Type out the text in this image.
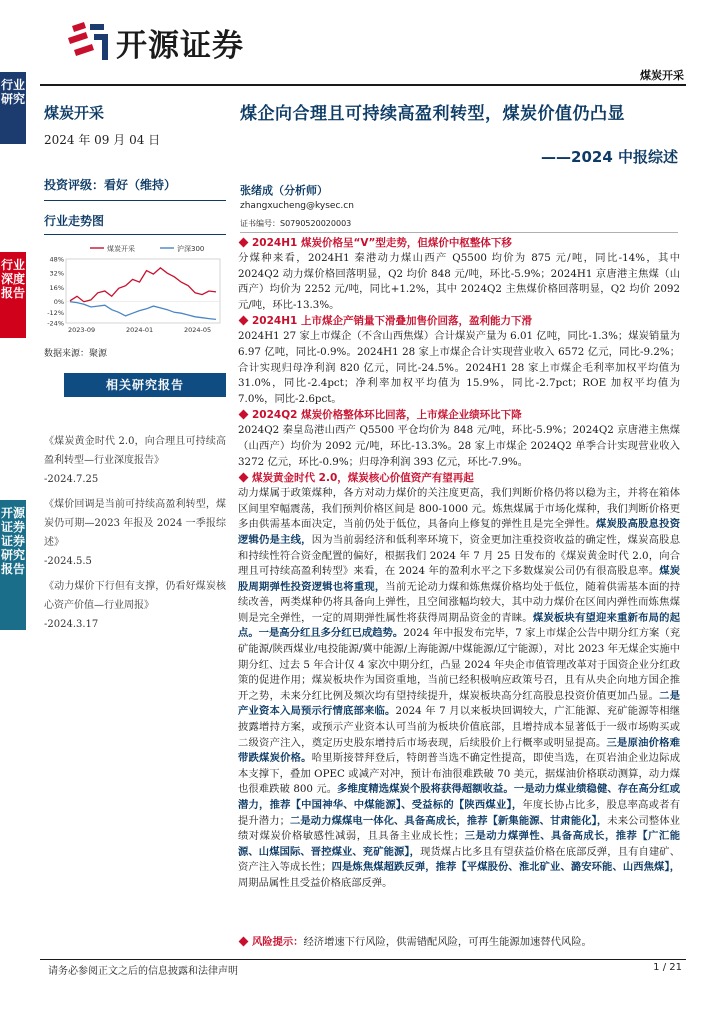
行业研究
行业深度报告
开源证券 证券研究报告
开源证券
煤炭开采
煤炭开采
2024 年 09 月 04 日
投资评级：看好（维持）
行业走势图
煤炭开采	沪深300
48%
32%
16%
0%
-12%
-24%
2023-09	2024-01	2024-05
数据来源：聚源
相关研究报告
《煤炭黄金时代 2.0，向合理且可持续高盈利转型—行业深度报告》
-2024.7.25
《煤价回调是当前可持续高盈利转型，煤炭仍可期—2023 年报及 2024 一季报综述》
-2024.5.5
《动力煤价下行但有支撑，仍看好煤炭核心资产价值—行业周报》
-2024.3.17
煤企向合理且可持续高盈利转型，煤炭价值仍凸显
——2024 中报综述
张绪成（分析师）
zhangxucheng@kysec.cn
证书编号：S0790520020003
2024H1 煤炭价格呈“V”型走势，但煤价中枢整体下移

分煤种来看，2024H1 秦港动力煤山西产 Q5500 均价为 875 元/吨，同比-14%，其中 2024Q2 动力煤价格回落明显，Q2 均价 848 元/吨，环比-5.9%；2024H1 京唐港主焦煤（山西产）均价为 2252 元/吨，同比+1.2%，其中 2024Q2 主焦煤价格回落明显，Q2 均价 2092 元/吨，环比-13.3%。

2024H1 上市煤企产销量下滑叠加售价回落，盈利能力下滑

2024H1 27 家上市煤企（不含山西焦煤）合计煤炭产量为 6.01 亿吨，同比-1.3%；煤炭销量为 6.97 亿吨，同比-0.9%。2024H1 28 家上市煤企合计实现营业收入 6572 亿元，同比-9.2%；合计实现归母净利润 820 亿元，同比-24.5%。2024H1 28 家上市煤企毛利率加权平均值为 31.0%，同比-2.4pct；净利率加权平均值为 15.9%，同比-2.7pct；ROE 加权平均值为 7.0%，同比-2.6pct。

2024Q2 煤炭价格整体环比回落，上市煤企业绩环比下降

2024Q2 秦皇岛港山西产 Q5500 平仓均价为 848 元/吨，环比-5.9%；2024Q2 京唐港主焦煤（山西产）均价为 2092 元/吨，环比-13.3%。28 家上市煤企 2024Q2 单季合计实现营业收入 3272 亿元，环比-0.9%；归母净利润 393 亿元，环比-7.9%。

煤炭黄金时代 2.0，煤炭核心价值资产有望再起

动力煤属于政策煤种，各方对动力煤价的关注度更高，我们判断价格仍将以稳为主，并将在箱体区间里窄幅震荡，我们预判价格区间是 800-1000 元。炼焦煤属于市场化煤种，我们判断价格更多由供需基本面决定，当前仍处于低位，具备向上修复的弹性且是完全弹性。煤炭股高股息投资逻辑仍是主线，因为当前弱经济和低利率环境下，资金更加注重投资收益的确定性，煤炭高股息和持续性符合资金配置的偏好，根据我们 2024 年 7 月 25 日发布的《煤炭黄金时代 2.0，向合理且可持续高盈利转型》来看，在 2024 年的盈利水平之下多数煤炭公司仍有很高股息率。煤炭股周期弹性投资逻辑也将重现，当前无论动力煤和炼焦煤价格均处于低位，随着供需基本面的持续改善，两类煤种仍将具备向上弹性，且空间涨幅均较大，其中动力煤价在区间内弹性而炼焦煤则是完全弹性，一定的周期弹性属性将获得周期品资金的青睐。煤炭板块有望迎来重新布局的起点。一是高分红且多分红已成趋势。2024 年中报发布完毕，7 家上市煤企公告中期分红方案（兖矿能源/陕西煤业/电投能源/冀中能源/上海能源/中煤能源/辽宁能源），对比 2023 年无煤企实施中期分红、过去 5 年合计仅 4 家次中期分红，凸显 2024 年央企市值管理改革对于国资企业分红政策的促进作用；煤炭板块作为国资重地，当前已经积极响应政策号召，且有从央企向地方国企推开之势，未来分红比例及频次均有望持续提升，煤炭板块高分红高股息投资价值更加凸显。二是产业资本入局预示行情底部来临。2024 年 7 月以来板块回调较大，广汇能源、兖矿能源等相继披露增持方案，或预示产业资本认可当前为板块价值底部，且增持成本显著低于一级市场购买或二级资产注入，奠定历史股东增持后市场表现，后续股价上行概率或明显提高。三是原油价格难带跌煤炭价格。哈里斯接替拜登后，特朗普当选不确定性提高，即使当选，在页岩油企业边际成本支撑下，叠加 OPEC 或减产对冲，预计布油很难跌破 70 美元，据煤油价格联动测算，动力煤也很难跌破 800 元。多维度精选煤炭个股将获得超额收益。一是动力煤业绩稳健、存在高分红或潜力，推荐【中国神华、中煤能源】、受益标的【陕西煤业】，年度长协占比多，股息率高或者有提升潜力；二是动力煤煤电一体化、具备高成长，推荐【新集能源、甘肃能化】，未来公司整体业绩对煤炭价格敏感性减弱，且具备主业成长性；三是动力煤弹性、具备高成长，推荐【广汇能源、山煤国际、晋控煤业、兖矿能源】，现货煤占比多且有望获益价格在底部反弹，且有自建矿、资产注入等成长性；四是炼焦煤超跌反弹，推荐【平煤股份、淮北矿业、潞安环能、山西焦煤】，周期品属性且受益价格底部反弹。

风险提示：经济增速下行风险，供需错配风险，可再生能源加速替代风险。
请务必参阅正文之后的信息披露和法律声明	1 / 21
